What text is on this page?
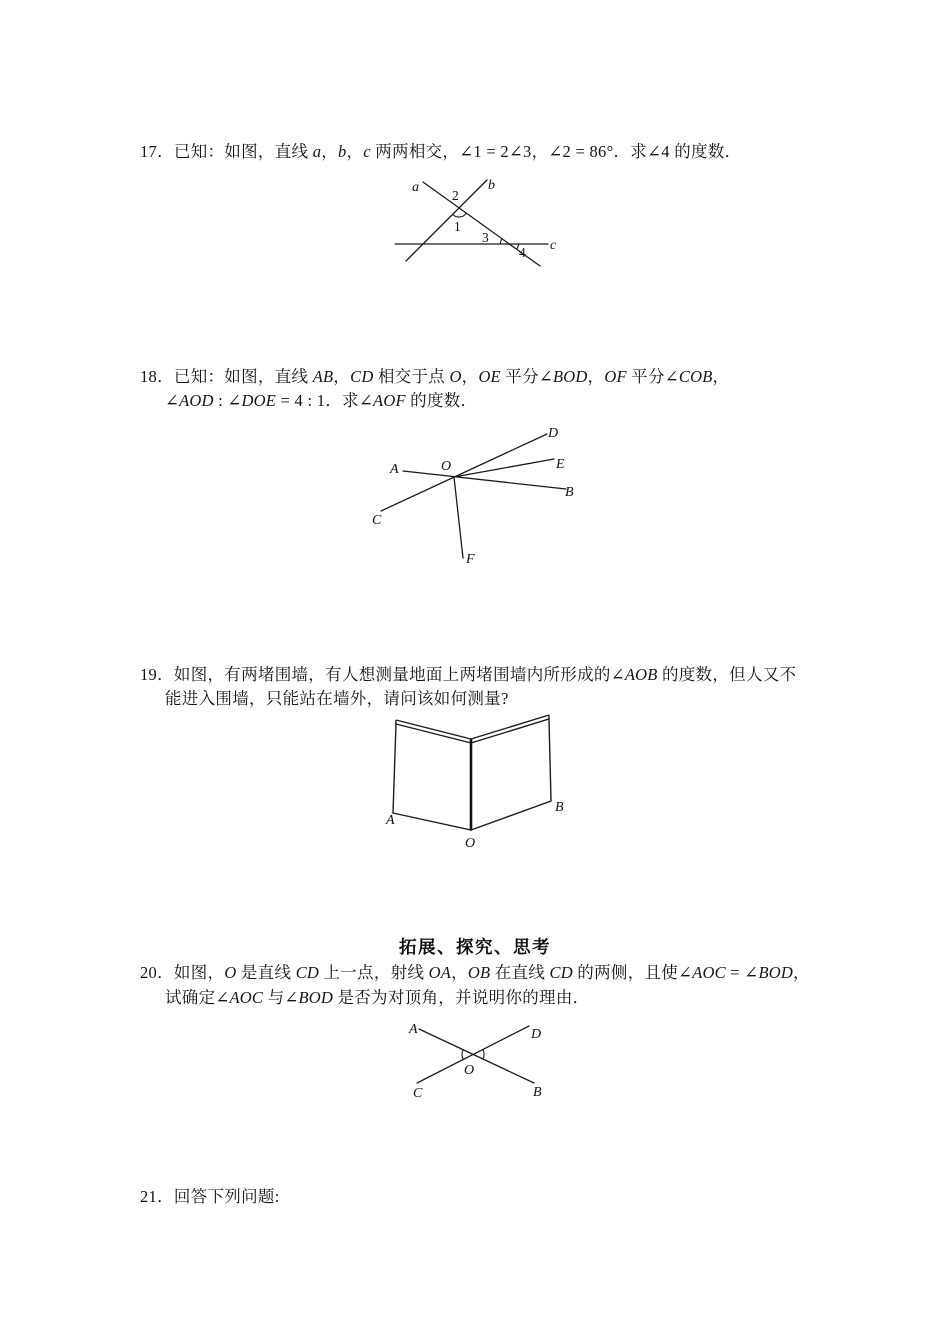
17．已知：如图，直线 a，b，c 两两相交，∠1 = 2∠3，∠2 = 86°．求∠4 的度数．
a	b
c
2
1
3
4
18．已知：如图，直线 AB，CD 相交于点 O，OE 平分∠BOD，OF 平分∠COB，
∠AOD : ∠DOE = 4 : 1．求∠AOF 的度数．
A	O
D
E
B
C
F
19．如图，有两堵围墙，有人想测量地面上两堵围墙内所形成的∠AOB 的度数，但人又不
能进入围墙，只能站在墙外，请问该如何测量?
A
O
B
拓展、探究、思考
20．如图，O 是直线 CD 上一点，射线 OA，OB 在直线 CD 的两侧，且使∠AOC = ∠BOD，
试确定∠AOC 与∠BOD 是否为对顶角，并说明你的理由．
A	D
O
C	B
21．回答下列问题:
